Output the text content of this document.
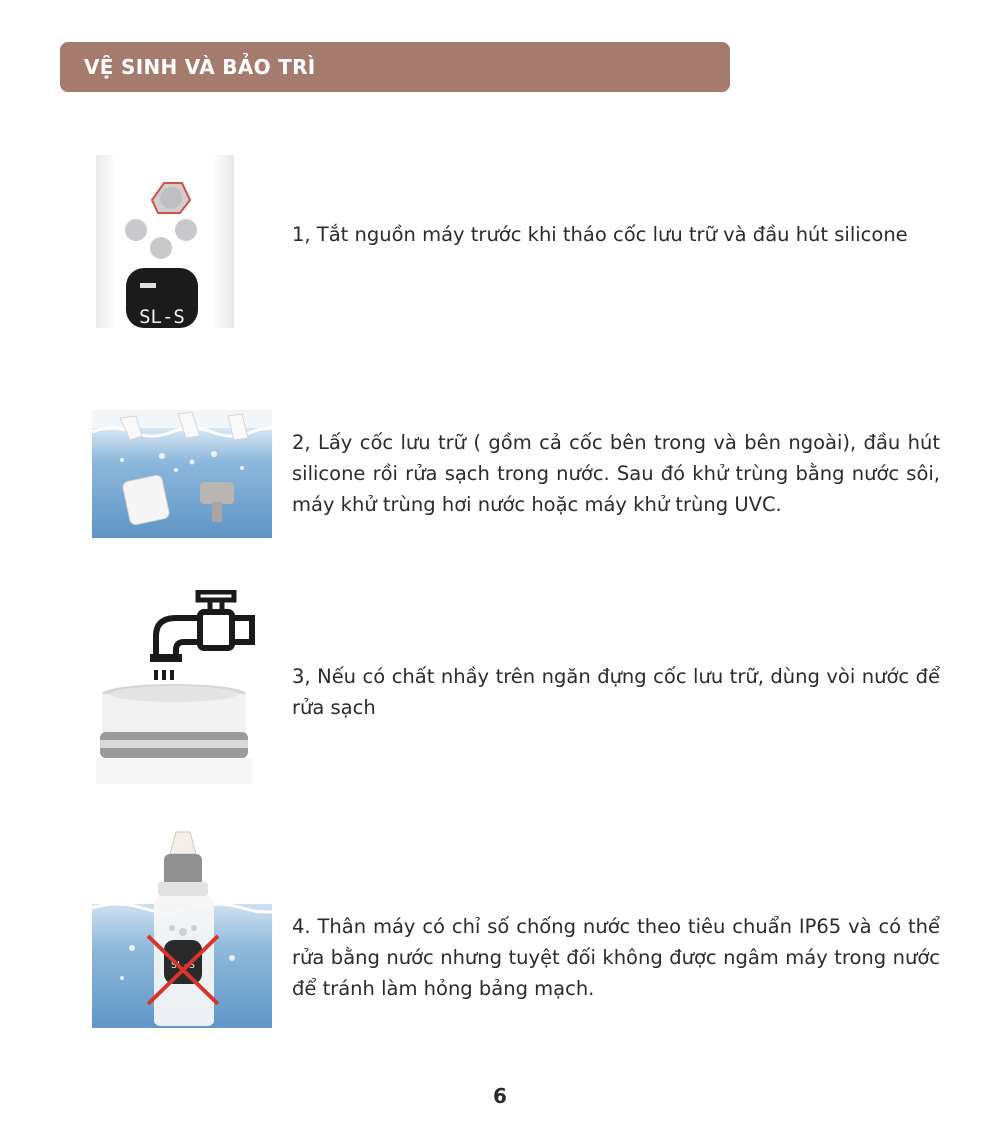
VỆ SINH VÀ BẢO TRÌ
SL-S

1, Tắt nguồn máy trước khi tháo cốc lưu trữ và đầu hút silicone

2, Lấy cốc lưu trữ ( gồm cả cốc bên trong và bên ngoài), đầu hút silicone rồi rửa sạch trong nước. Sau đó khử trùng bằng nước sôi, máy khử trùng hơi nước hoặc máy khử trùng UVC.

3, Nếu có chất nhầy trên ngăn đựng cốc lưu trữ, dùng vòi nước để rửa sạch

SL-S

4. Thân máy có chỉ số chống nước theo tiêu chuẩn IP65 và có thể rửa bằng nước nhưng tuyệt đối không được ngâm máy trong nước để tránh làm hỏng bảng mạch.

6
